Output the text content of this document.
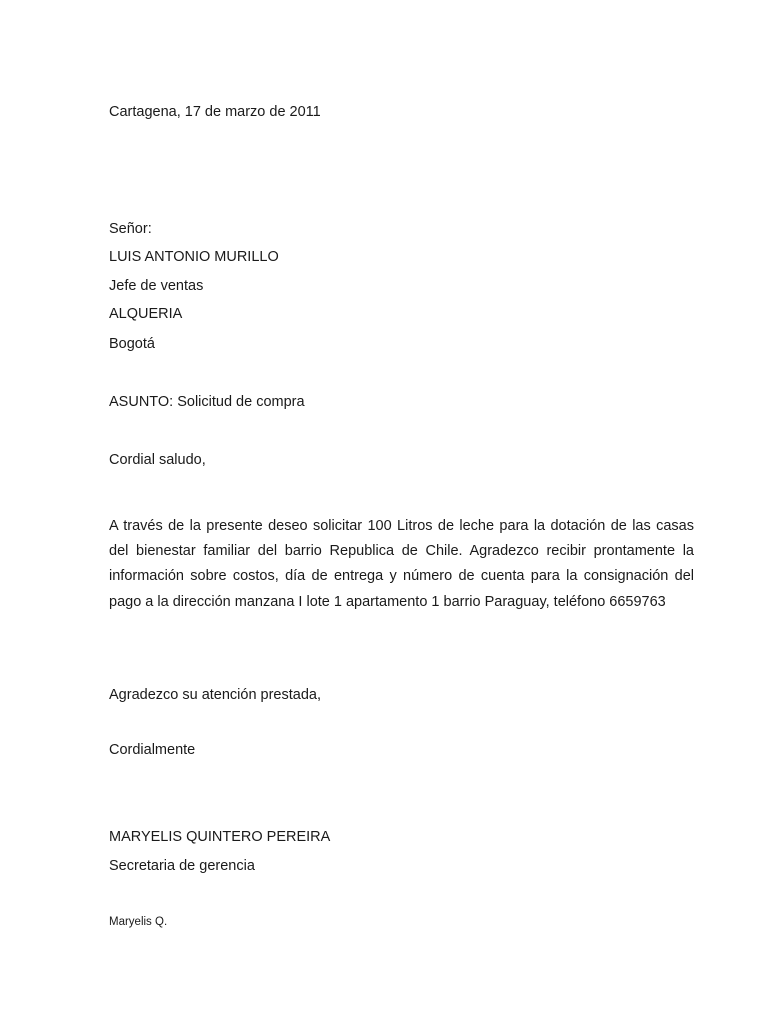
Cartagena, 17 de marzo de 2011
Señor:
LUIS ANTONIO MURILLO
Jefe de ventas
ALQUERIA
Bogotá
ASUNTO: Solicitud de compra
Cordial saludo,
A través de la presente deseo solicitar 100 Litros de leche para la dotación de las casas del bienestar familiar del barrio Republica de Chile. Agradezco recibir prontamente la información sobre costos, día de entrega y número de cuenta para la consignación del pago a la dirección manzana I lote 1 apartamento 1 barrio Paraguay, teléfono 6659763
Agradezco su atención prestada,
Cordialmente
MARYELIS QUINTERO PEREIRA
Secretaria de gerencia
Maryelis Q.
